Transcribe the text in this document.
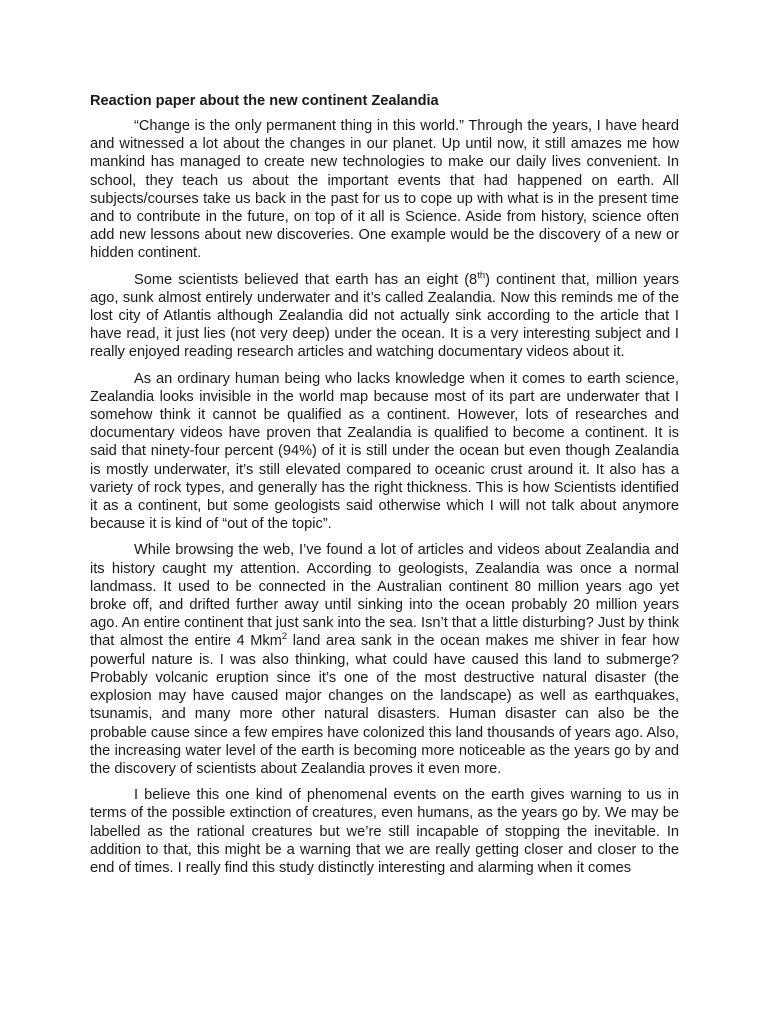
Reaction paper about the new continent Zealandia

“Change is the only permanent thing in this world.” Through the years, I have heard and witnessed a lot about the changes in our planet. Up until now, it still amazes me how mankind has managed to create new technologies to make our daily lives convenient. In school, they teach us about the important events that had happened on earth. All subjects/courses take us back in the past for us to cope up with what is in the present time and to contribute in the future, on top of it all is Science. Aside from history, science often add new lessons about new discoveries. One example would be the discovery of a new or hidden continent.

Some scientists believed that earth has an eight (8th) continent that, million years ago, sunk almost entirely underwater and it’s called Zealandia. Now this reminds me of the lost city of Atlantis although Zealandia did not actually sink according to the article that I have read, it just lies (not very deep) under the ocean. It is a very interesting subject and I really enjoyed reading research articles and watching documentary videos about it.

As an ordinary human being who lacks knowledge when it comes to earth science, Zealandia looks invisible in the world map because most of its part are underwater that I somehow think it cannot be qualified as a continent. However, lots of researches and documentary videos have proven that Zealandia is qualified to become a continent. It is said that ninety-four percent (94%) of it is still under the ocean but even though Zealandia is mostly underwater, it’s still elevated compared to oceanic crust around it. It also has a variety of rock types, and generally has the right thickness. This is how Scientists identified it as a continent, but some geologists said otherwise which I will not talk about anymore because it is kind of “out of the topic”.

While browsing the web, I’ve found a lot of articles and videos about Zealandia and its history caught my attention. According to geologists, Zealandia was once a normal landmass. It used to be connected in the Australian continent 80 million years ago yet broke off, and drifted further away until sinking into the ocean probably 20 million years ago. An entire continent that just sank into the sea. Isn’t that a little disturbing? Just by think that almost the entire 4 Mkm$^2$ land area sank in the ocean makes me shiver in fear how powerful nature is. I was also thinking, what could have caused this land to submerge? Probably volcanic eruption since it’s one of the most destructive natural disaster (the explosion may have caused major changes on the landscape) as well as earthquakes, tsunamis, and many more other natural disasters. Human disaster can also be the probable cause since a few empires have colonized this land thousands of years ago. Also, the increasing water level of the earth is becoming more noticeable as the years go by and the discovery of scientists about Zealandia proves it even more.

I believe this one kind of phenomenal events on the earth gives warning to us in terms of the possible extinction of creatures, even humans, as the years go by. We may be labelled as the rational creatures but we’re still incapable of stopping the inevitable. In addition to that, this might be a warning that we are really getting closer and closer to the end of times. I really find this study distinctly interesting and alarming when it comes
